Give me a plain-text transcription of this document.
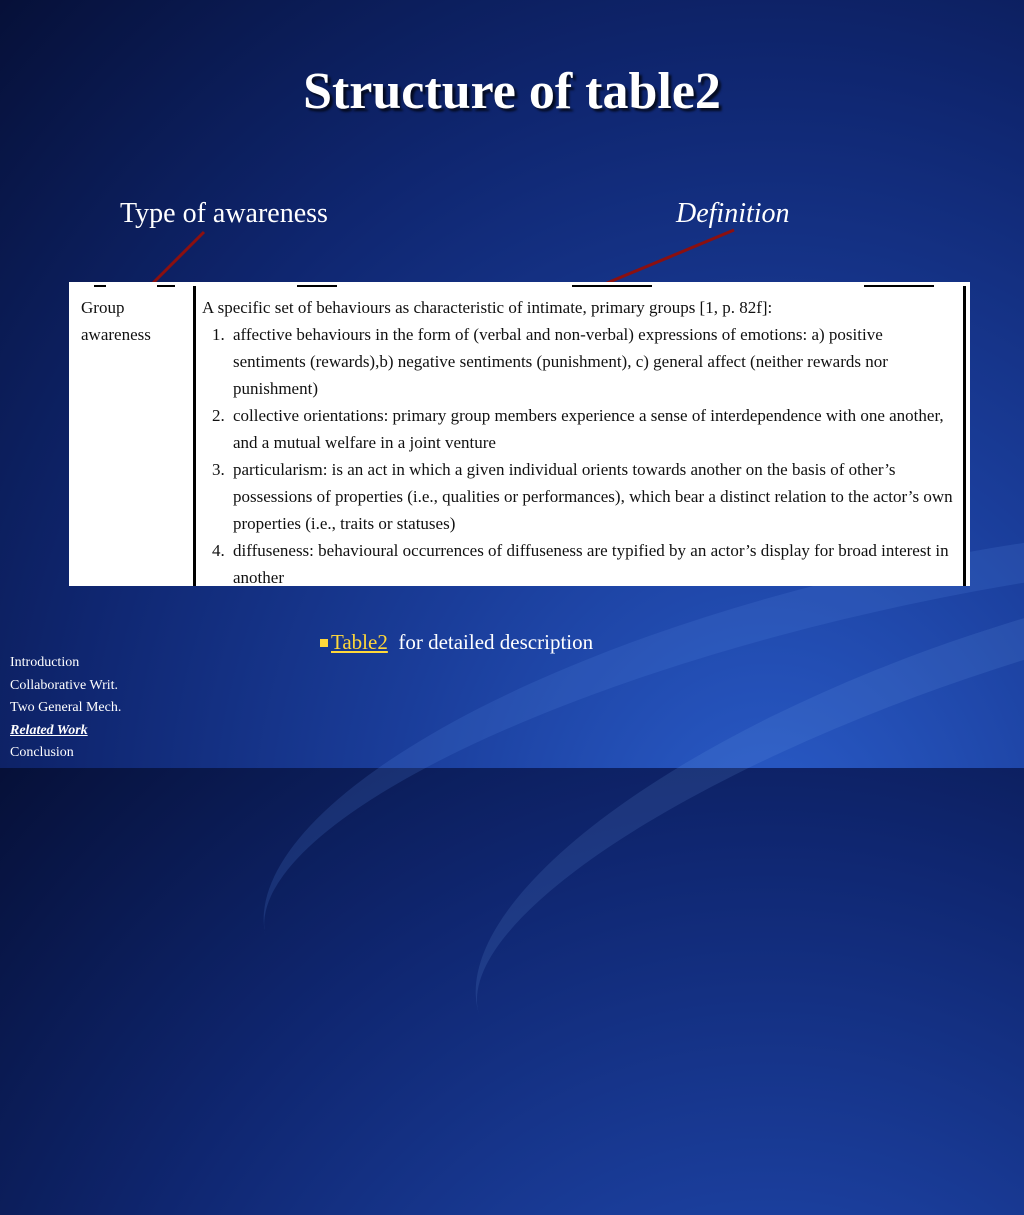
Structure of table2
Type of awareness	Definition
Group awareness

A specific set of behaviours as characteristic of intimate, primary groups [1, p. 82f]:

1. affective behaviours in the form of (verbal and non-verbal) expressions of emotions: a) positive sentiments (rewards),b) negative sentiments (punishment), c) general affect (neither rewards nor punishment)
2. collective orientations: primary group members experience a sense of interdependence with one another, and a mutual welfare in a joint venture
3. particularism: is an act in which a given individual orients towards another on the basis of other’s possessions of properties (i.e., qualities or performances), which bear a distinct relation to the actor’s own properties (i.e., traits or statuses)
4. diffuseness: behavioural occurrences of diffuseness are typified by an actor’s display for broad interest in another
Table2 for detailed description
Introduction
Collaborative Writ.
Two General Mech.
Related Work
Conclusion
